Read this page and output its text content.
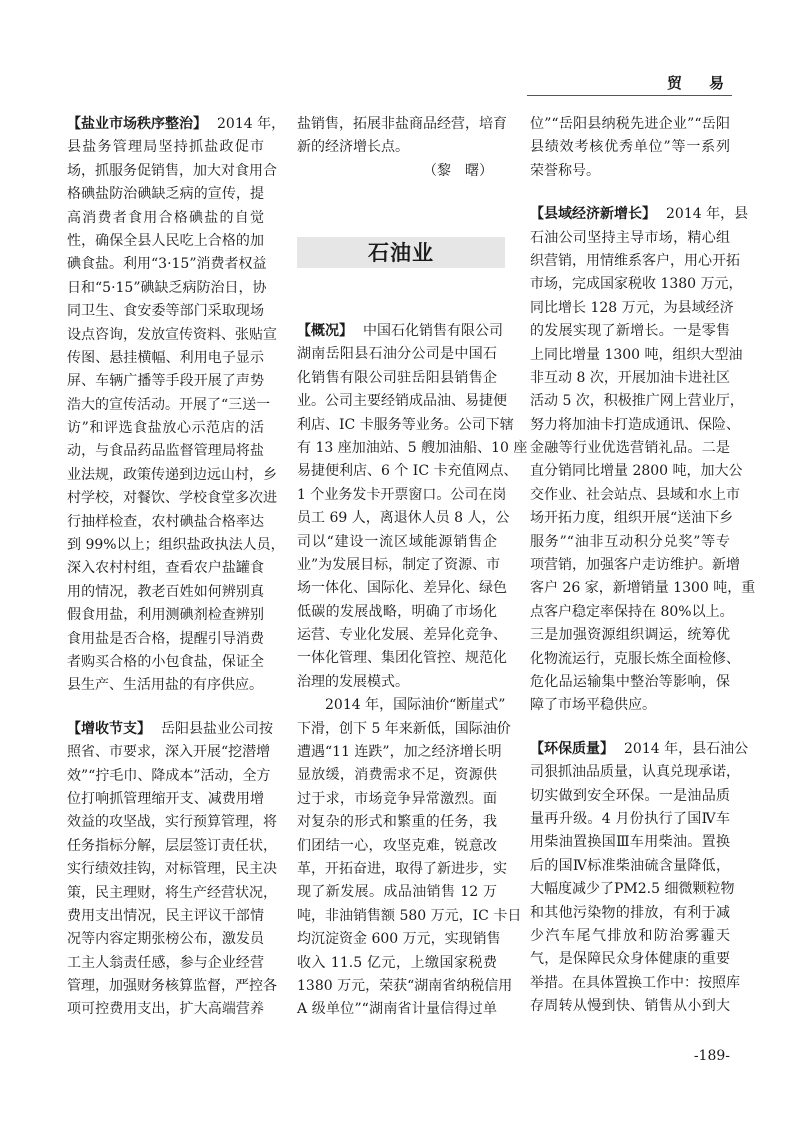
贸　易
【盐业市场秩序整治】 2014 年，
县盐务管理局坚持抓盐政促市
场，抓服务促销售，加大对食用合
格碘盐防治碘缺乏病的宣传，提
高消费者食用合格碘盐的自觉
性，确保全县人民吃上合格的加
碘食盐。利用“3·15”消费者权益
日和“5·15”碘缺乏病防治日，协
同卫生、食安委等部门采取现场
设点咨询，发放宣传资料、张贴宣
传图、悬挂横幅、利用电子显示
屏、车辆广播等手段开展了声势
浩大的宣传活动。开展了“三送一
访”和评选食盐放心示范店的活
动，与食品药品监督管理局将盐
业法规，政策传递到边远山村，乡
村学校，对餐饮、学校食堂多次进
行抽样检查，农村碘盐合格率达
到 99%以上；组织盐政执法人员，
深入农村村组，查看农户盐罐食
用的情况，教老百姓如何辨别真
假食用盐，利用测碘剂检查辨别
食用盐是否合格，提醒引导消费
者购买合格的小包食盐，保证全
县生产、生活用盐的有序供应。
【增收节支】 岳阳县盐业公司按
照省、市要求，深入开展“挖潜增
效”“拧毛巾、降成本”活动，全方
位打响抓管理缩开支、减费用增
效益的攻坚战，实行预算管理，将
任务指标分解，层层签订责任状，
实行绩效挂钩，对标管理，民主决
策，民主理财，将生产经营状况，
费用支出情况，民主评议干部情
况等内容定期张榜公布，激发员
工主人翁责任感，参与企业经营
管理，加强财务核算监督，严控各
项可控费用支出，扩大高端营养
盐销售，拓展非盐商品经营，培育
新的经济增长点。
（黎　曙）
石油业
【概况】 中国石化销售有限公司
湖南岳阳县石油分公司是中国石
化销售有限公司驻岳阳县销售企
业。公司主要经销成品油、易捷便
利店、IC 卡服务等业务。公司下辖
有 13 座加油站、5 艘加油船、10 座
易捷便利店、6 个 IC 卡充值网点、
1 个业务发卡开票窗口。公司在岗
员工 69 人，离退休人员 8 人，公
司以“建设一流区域能源销售企
业”为发展目标，制定了资源、市
场一体化、国际化、差异化、绿色
低碳的发展战略，明确了市场化
运营、专业化发展、差异化竞争、
一体化管理、集团化管控、规范化
治理的发展模式。
2014 年，国际油价“断崖式”
下滑，创下 5 年来新低，国际油价
遭遇“11 连跌”，加之经济增长明
显放缓，消费需求不足，资源供
过于求，市场竞争异常激烈。面
对复杂的形式和繁重的任务，我
们团结一心，攻坚克难，锐意改
革，开拓奋进，取得了新进步，实
现了新发展。成品油销售 12 万
吨，非油销售额 580 万元，IC 卡日
均沉淀资金 600 万元，实现销售
收入 11.5 亿元，上缴国家税费
1380 万元，荣获“湖南省纳税信用
A 级单位”“湖南省计量信得过单
位”“岳阳县纳税先进企业”“岳阳
县绩效考核优秀单位”等一系列
荣誉称号。
【县域经济新增长】 2014 年，县
石油公司坚持主导市场，精心组
织营销，用情维系客户，用心开拓
市场，完成国家税收 1380 万元，
同比增长 128 万元，为县域经济
的发展实现了新增长。一是零售
上同比增量 1300 吨，组织大型油
非互动 8 次，开展加油卡进社区
活动 5 次，积极推广网上营业厅，
努力将加油卡打造成通讯、保险、
金融等行业优选营销礼品。二是
直分销同比增量 2800 吨，加大公
交作业、社会站点、县域和水上市
场开拓力度，组织开展“送油下乡
服务”“油非互动积分兑奖”等专
项营销，加强客户走访维护。新增
客户 26 家，新增销量 1300 吨，重
点客户稳定率保持在 80%以上。
三是加强资源组织调运，统筹优
化物流运行，克服长炼全面检修、
危化品运输集中整治等影响，保
障了市场平稳供应。
【环保质量】 2014 年，县石油公
司狠抓油品质量，认真兑现承诺，
切实做到安全环保。一是油品质
量再升级。4 月份执行了国Ⅳ车
用柴油置换国Ⅲ车用柴油。置换
后的国Ⅳ标准柴油硫含量降低，
大幅度减少了PM2.5 细微颗粒物
和其他污染物的排放，有利于减
少汽车尾气排放和防治雾霾天
气，是保障民众身体健康的重要
举措。在具体置换工作中：按照库
存周转从慢到快、销售从小到大
-189-
